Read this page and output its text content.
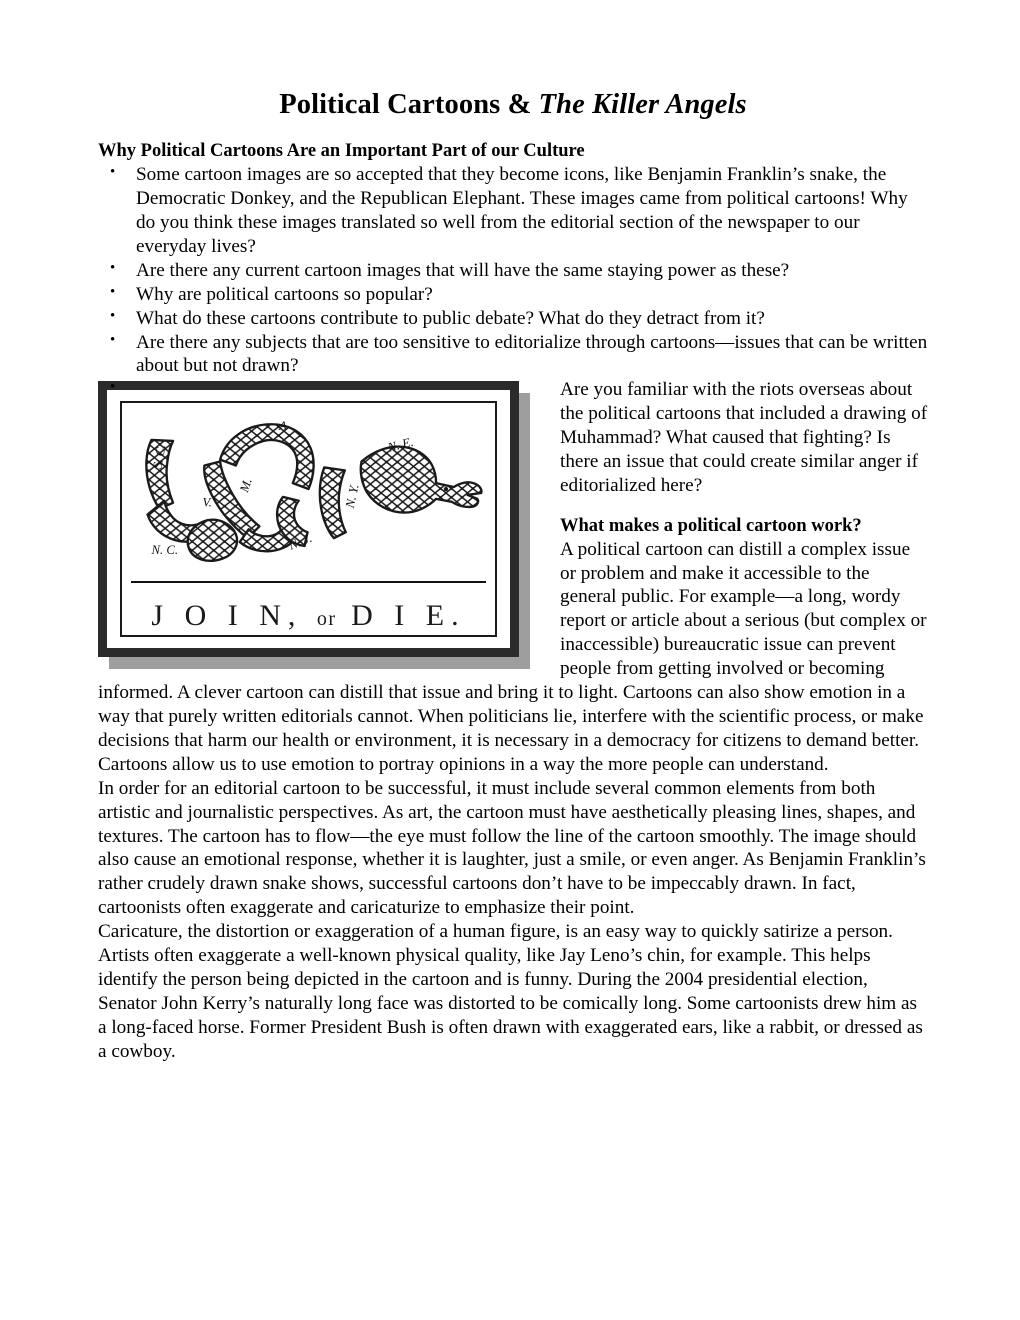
Political Cartoons & The Killer Angels
Why Political Cartoons Are an Important Part of our Culture
• Some cartoon images are so accepted that they become icons, like Benjamin Franklin’s snake, the Democratic Donkey, and the Republican Elephant. These images came from political cartoons! Why do you think these images translated so well from the editorial section of the newspaper to our everyday lives?
• Are there any current cartoon images that will have the same staying power as these?
• Why are political cartoons so popular?
• What do these cartoons contribute to public debate? What do they detract from it?
• Are there any subjects that are too sensitive to editorialize through cartoons—issues that can be written about but not drawn?
S. C.
N. C.
V.
M.
A
N. J.
N. Y.
N. E.
J O I N, or D I E.
• Are you familiar with the riots overseas about the political cartoons that included a drawing of Muhammad? What caused that fighting? Is there an issue that could create similar anger if editorialized here?
What makes a political cartoon work?

A political cartoon can distill a complex issue or problem and make it accessible to the general public. For example—a long, wordy report or article about a serious (but complex or inaccessible) bureaucratic issue can prevent people from getting involved or becoming informed. A clever cartoon can distill that issue and bring it to light. Cartoons can also show emotion in a way that purely written editorials cannot. When politicians lie, interfere with the scientific process, or make decisions that harm our health or environment, it is necessary in a democracy for citizens to demand better. Cartoons allow us to use emotion to portray opinions in a way the more people can understand.

In order for an editorial cartoon to be successful, it must include several common elements from both artistic and journalistic perspectives. As art, the cartoon must have aesthetically pleasing lines, shapes, and textures. The cartoon has to flow—the eye must follow the line of the cartoon smoothly. The image should also cause an emotional response, whether it is laughter, just a smile, or even anger. As Benjamin Franklin’s rather crudely drawn snake shows, successful cartoons don’t have to be impeccably drawn. In fact, cartoonists often exaggerate and caricaturize to emphasize their point.

Caricature, the distortion or exaggeration of a human figure, is an easy way to quickly satirize a person. Artists often exaggerate a well-known physical quality, like Jay Leno’s chin, for example. This helps identify the person being depicted in the cartoon and is funny. During the 2004 presidential election, Senator John Kerry’s naturally long face was distorted to be comically long. Some cartoonists drew him as a long-faced horse. Former President Bush is often drawn with exaggerated ears, like a rabbit, or dressed as a cowboy.
